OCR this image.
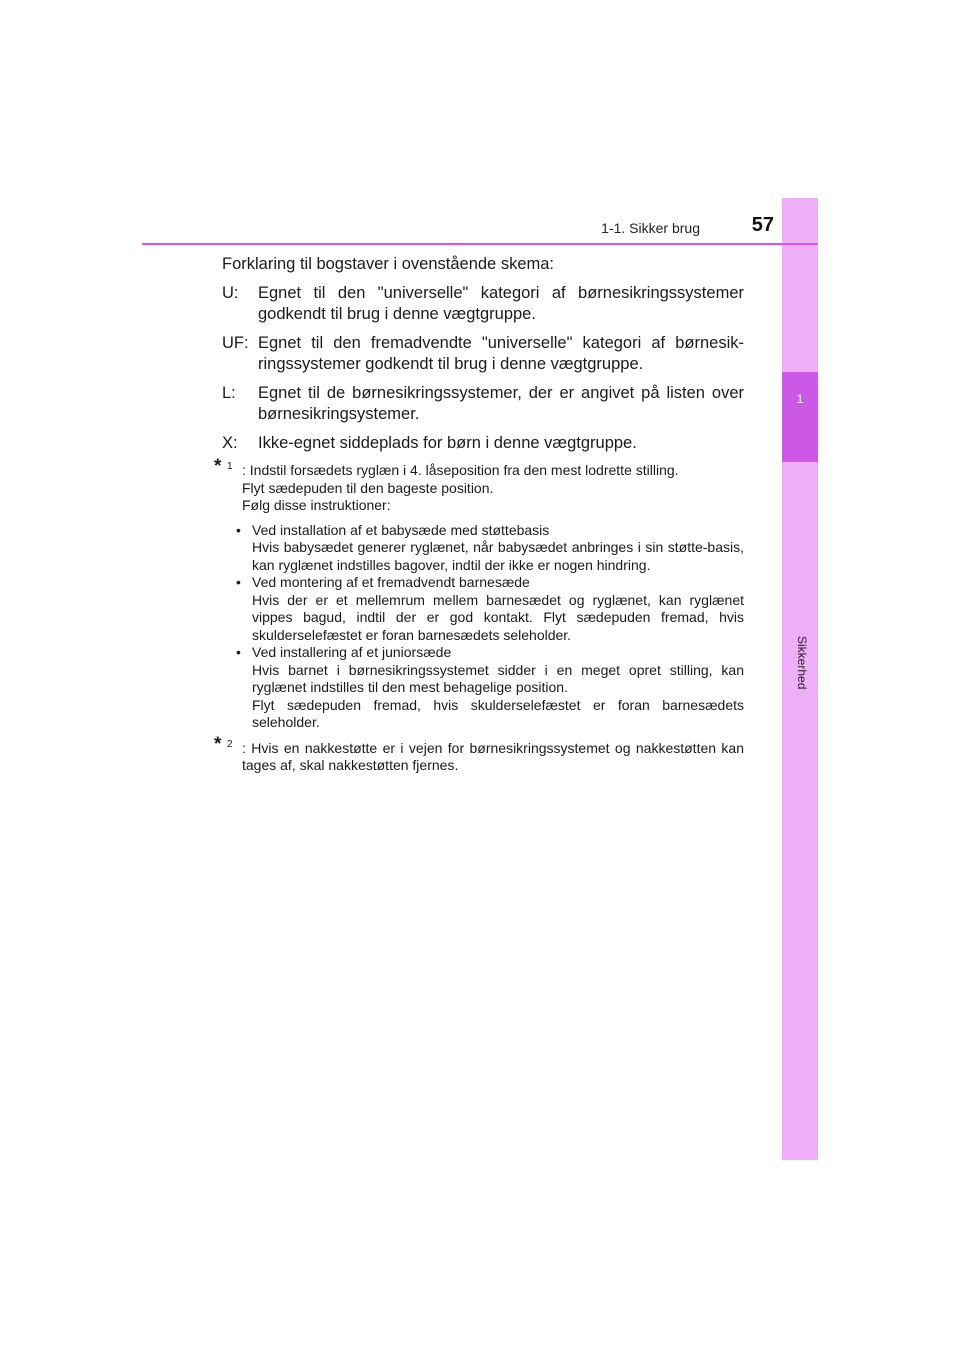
1
Sikkerhed
1-1. Sikker brug	57

Forklaring til bogstaver i ovenstående skema:

U:	Egnet til den "universelle" kategori af børnesikringssystemer godkendt til brug i denne vægtgruppe.
UF: Egnet til den fremadvendte "universelle" kategori af børnesik-ringssystemer godkendt til brug i denne vægtgruppe.
L:	Egnet til de børnesikringssystemer, der er angivet på listen over børnesikringsystemer.
X:	Ikke-egnet siddeplads for børn i denne vægtgruppe.
* 1 : Indstil forsædets ryglæn i 4. låseposition fra den mest lodrette stilling.

Flyt sædepuden til den bageste position.

Følg disse instruktioner:

• Ved installation af et babysæde med støttebasis
Hvis babysædet generer ryglænet, når babysædet anbringes i sin støtte-basis, kan ryglænet indstilles bagover, indtil der ikke er nogen hindring.
• Ved montering af et fremadvendt barnesæde
Hvis der er et mellemrum mellem barnesædet og ryglænet, kan ryglænet vippes bagud, indtil der er god kontakt. Flyt sædepuden fremad, hvis skulderselefæstet er foran barnesædets seleholder.
• Ved installering af et juniorsæde
Hvis barnet i børnesikringssystemet sidder i en meget opret stilling, kan ryglænet indstilles til den mest behagelige position.
Flyt sædepuden fremad, hvis skulderselefæstet er foran barnesædets seleholder.
* 2 : Hvis en nakkestøtte er i vejen for børnesikringssystemet og nakkestøtten kan tages af, skal nakkestøtten fjernes.
